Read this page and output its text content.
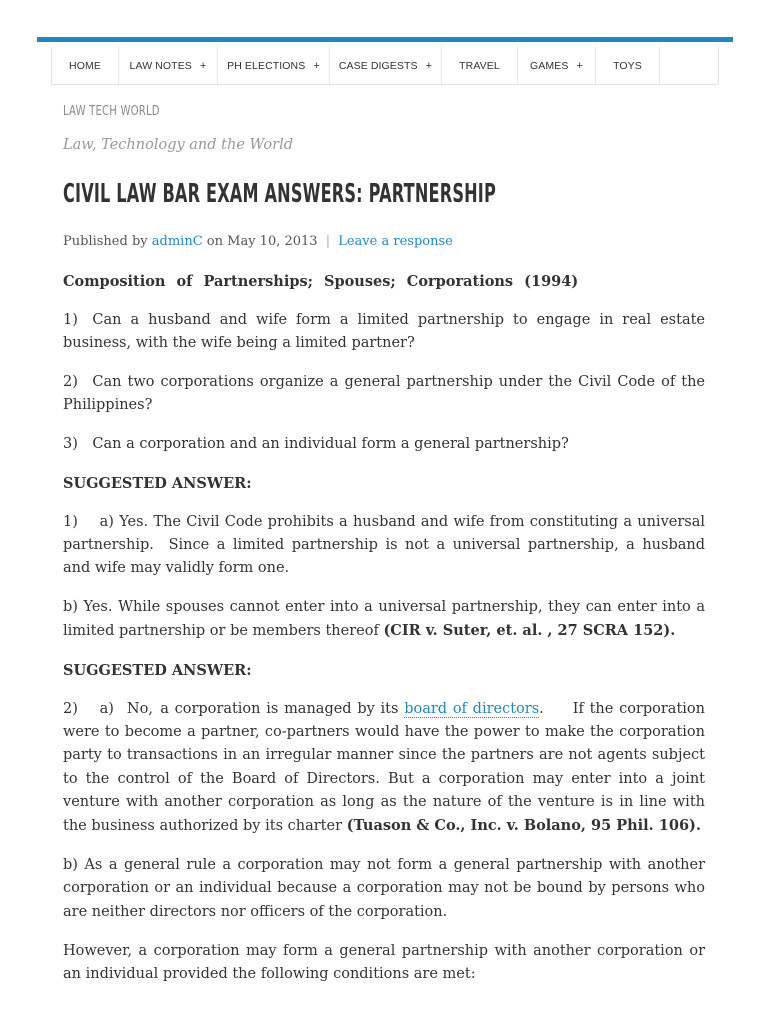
HOME	LAW NOTES + PH ELECTIONS + CASE DIGESTS +	TRAVEL	GAMES +	TOYS
LAW TECH WORLD
Law, Technology and the World
CIVIL LAW BAR EXAM ANSWERS: PARTNERSHIP
Published by adminC on May 10, 2013 | Leave a response

Composition of Partnerships; Spouses; Corporations (1994)

1) Can a husband and wife form a limited partnership to engage in real estate business, with the wife being a limited partner?

2) Can two corporations organize a general partnership under the Civil Code of the Philippines?

3) Can a corporation and an individual form a general partnership?

SUGGESTED ANSWER:

1)  a) Yes. The Civil Code prohibits a husband and wife from constituting a universal partnership.  Since a limited partnership is not a universal partnership, a husband and wife may validly form one.

b) Yes. While spouses cannot enter into a universal partnership, they can enter into a limited partnership or be members thereof (CIR v. Suter, et. al. , 27 SCRA 152).

SUGGESTED ANSWER:

2)  a)  No, a corporation is managed by its board of directors.  If the corporation were to become a partner, co-partners would have the power to make the corporation party to transactions in an irregular manner since the partners are not agents subject to the control of the Board of Directors. But a corporation may enter into a joint venture with another corporation as long as the nature of the venture is in line with the business authorized by its charter (Tuason & Co., Inc. v. Bolano, 95 Phil. 106).

b) As a general rule a corporation may not form a general partnership with another corporation or an individual because a corporation may not be bound by persons who are neither directors nor officers of the corporation.

However, a corporation may form a general partnership with another corporation or an individual provided the following conditions are met:
